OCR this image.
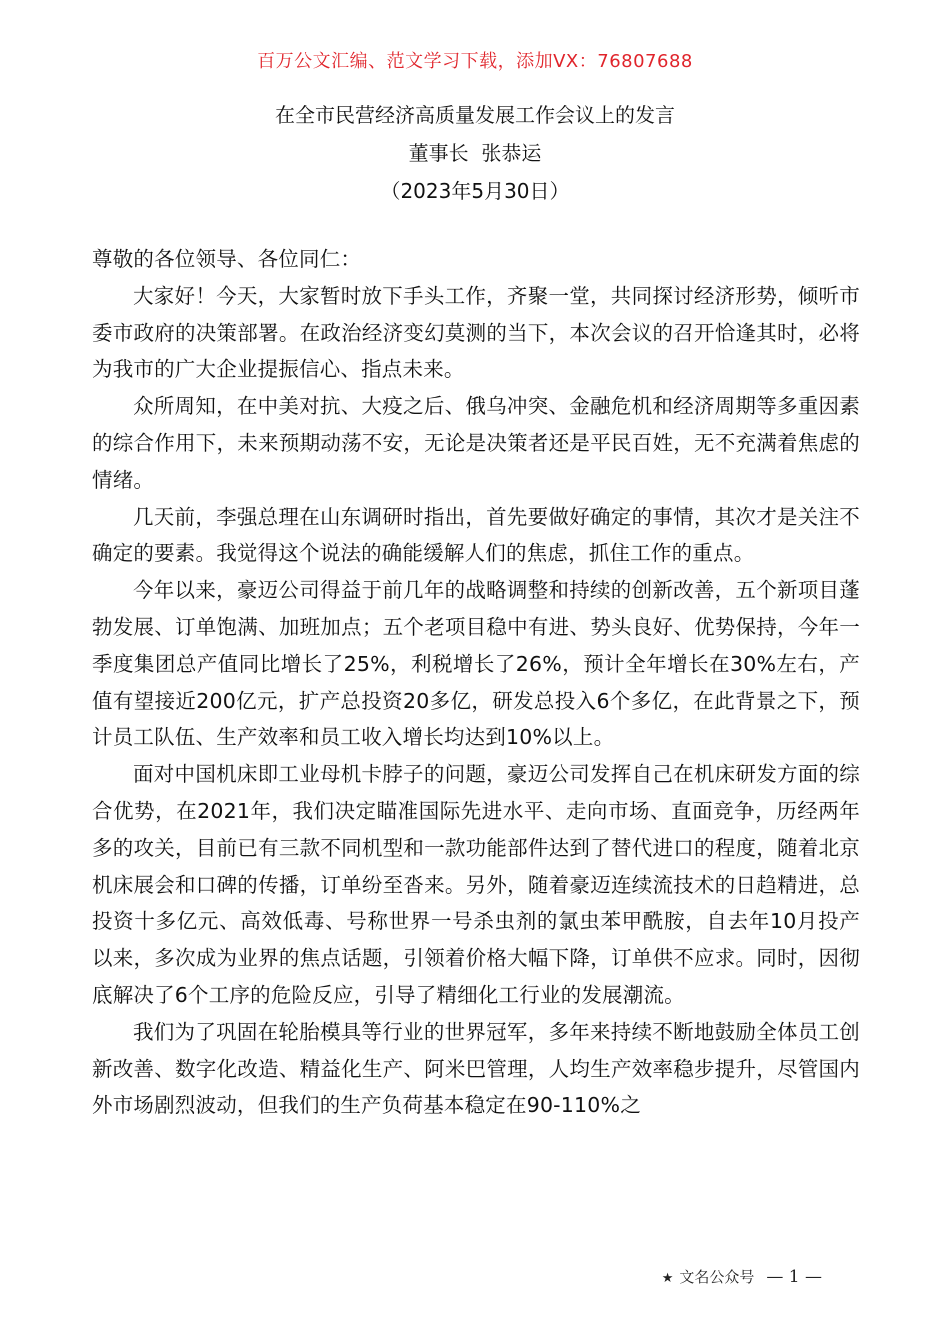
百万公文汇编、范文学习下载，添加VX：76807688
在全市民营经济高质量发展工作会议上的发言
董事长  张恭运
（2023年5月30日）

尊敬的各位领导、各位同仁：

大家好！今天，大家暂时放下手头工作，齐聚一堂，共同探讨经济形势，倾听市委市政府的决策部署。在政治经济变幻莫测的当下，本次会议的召开恰逢其时，必将为我市的广大企业提振信心、指点未来。

众所周知，在中美对抗、大疫之后、俄乌冲突、金融危机和经济周期等多重因素的综合作用下，未来预期动荡不安，无论是决策者还是平民百姓，无不充满着焦虑的情绪。

几天前，李强总理在山东调研时指出，首先要做好确定的事情，其次才是关注不确定的要素。我觉得这个说法的确能缓解人们的焦虑，抓住工作的重点。

今年以来，豪迈公司得益于前几年的战略调整和持续的创新改善，五个新项目蓬勃发展、订单饱满、加班加点；五个老项目稳中有进、势头良好、优势保持，今年一季度集团总产值同比增长了25%，利税增长了26%，预计全年增长在30%左右，产值有望接近200亿元，扩产总投资20多亿，研发总投入6个多亿，在此背景之下，预计员工队伍、生产效率和员工收入增长均达到10%以上。

面对中国机床即工业母机卡脖子的问题，豪迈公司发挥自己在机床研发方面的综合优势，在2021年，我们决定瞄准国际先进水平、走向市场、直面竞争，历经两年多的攻关，目前已有三款不同机型和一款功能部件达到了替代进口的程度，随着北京机床展会和口碑的传播，订单纷至沓来。另外，随着豪迈连续流技术的日趋精进，总投资十多亿元、高效低毒、号称世界一号杀虫剂的氯虫苯甲酰胺，自去年10月投产以来，多次成为业界的焦点话题，引领着价格大幅下降，订单供不应求。同时，因彻底解决了6个工序的危险反应，引导了精细化工行业的发展潮流。

我们为了巩固在轮胎模具等行业的世界冠军，多年来持续不断地鼓励全体员工创新改善、数字化改造、精益化生产、阿米巴管理，人均生产效率稳步提升，尽管国内外市场剧烈波动，但我们的生产负荷基本稳定在90-110%之

★ 文名公众号 — 1 —
